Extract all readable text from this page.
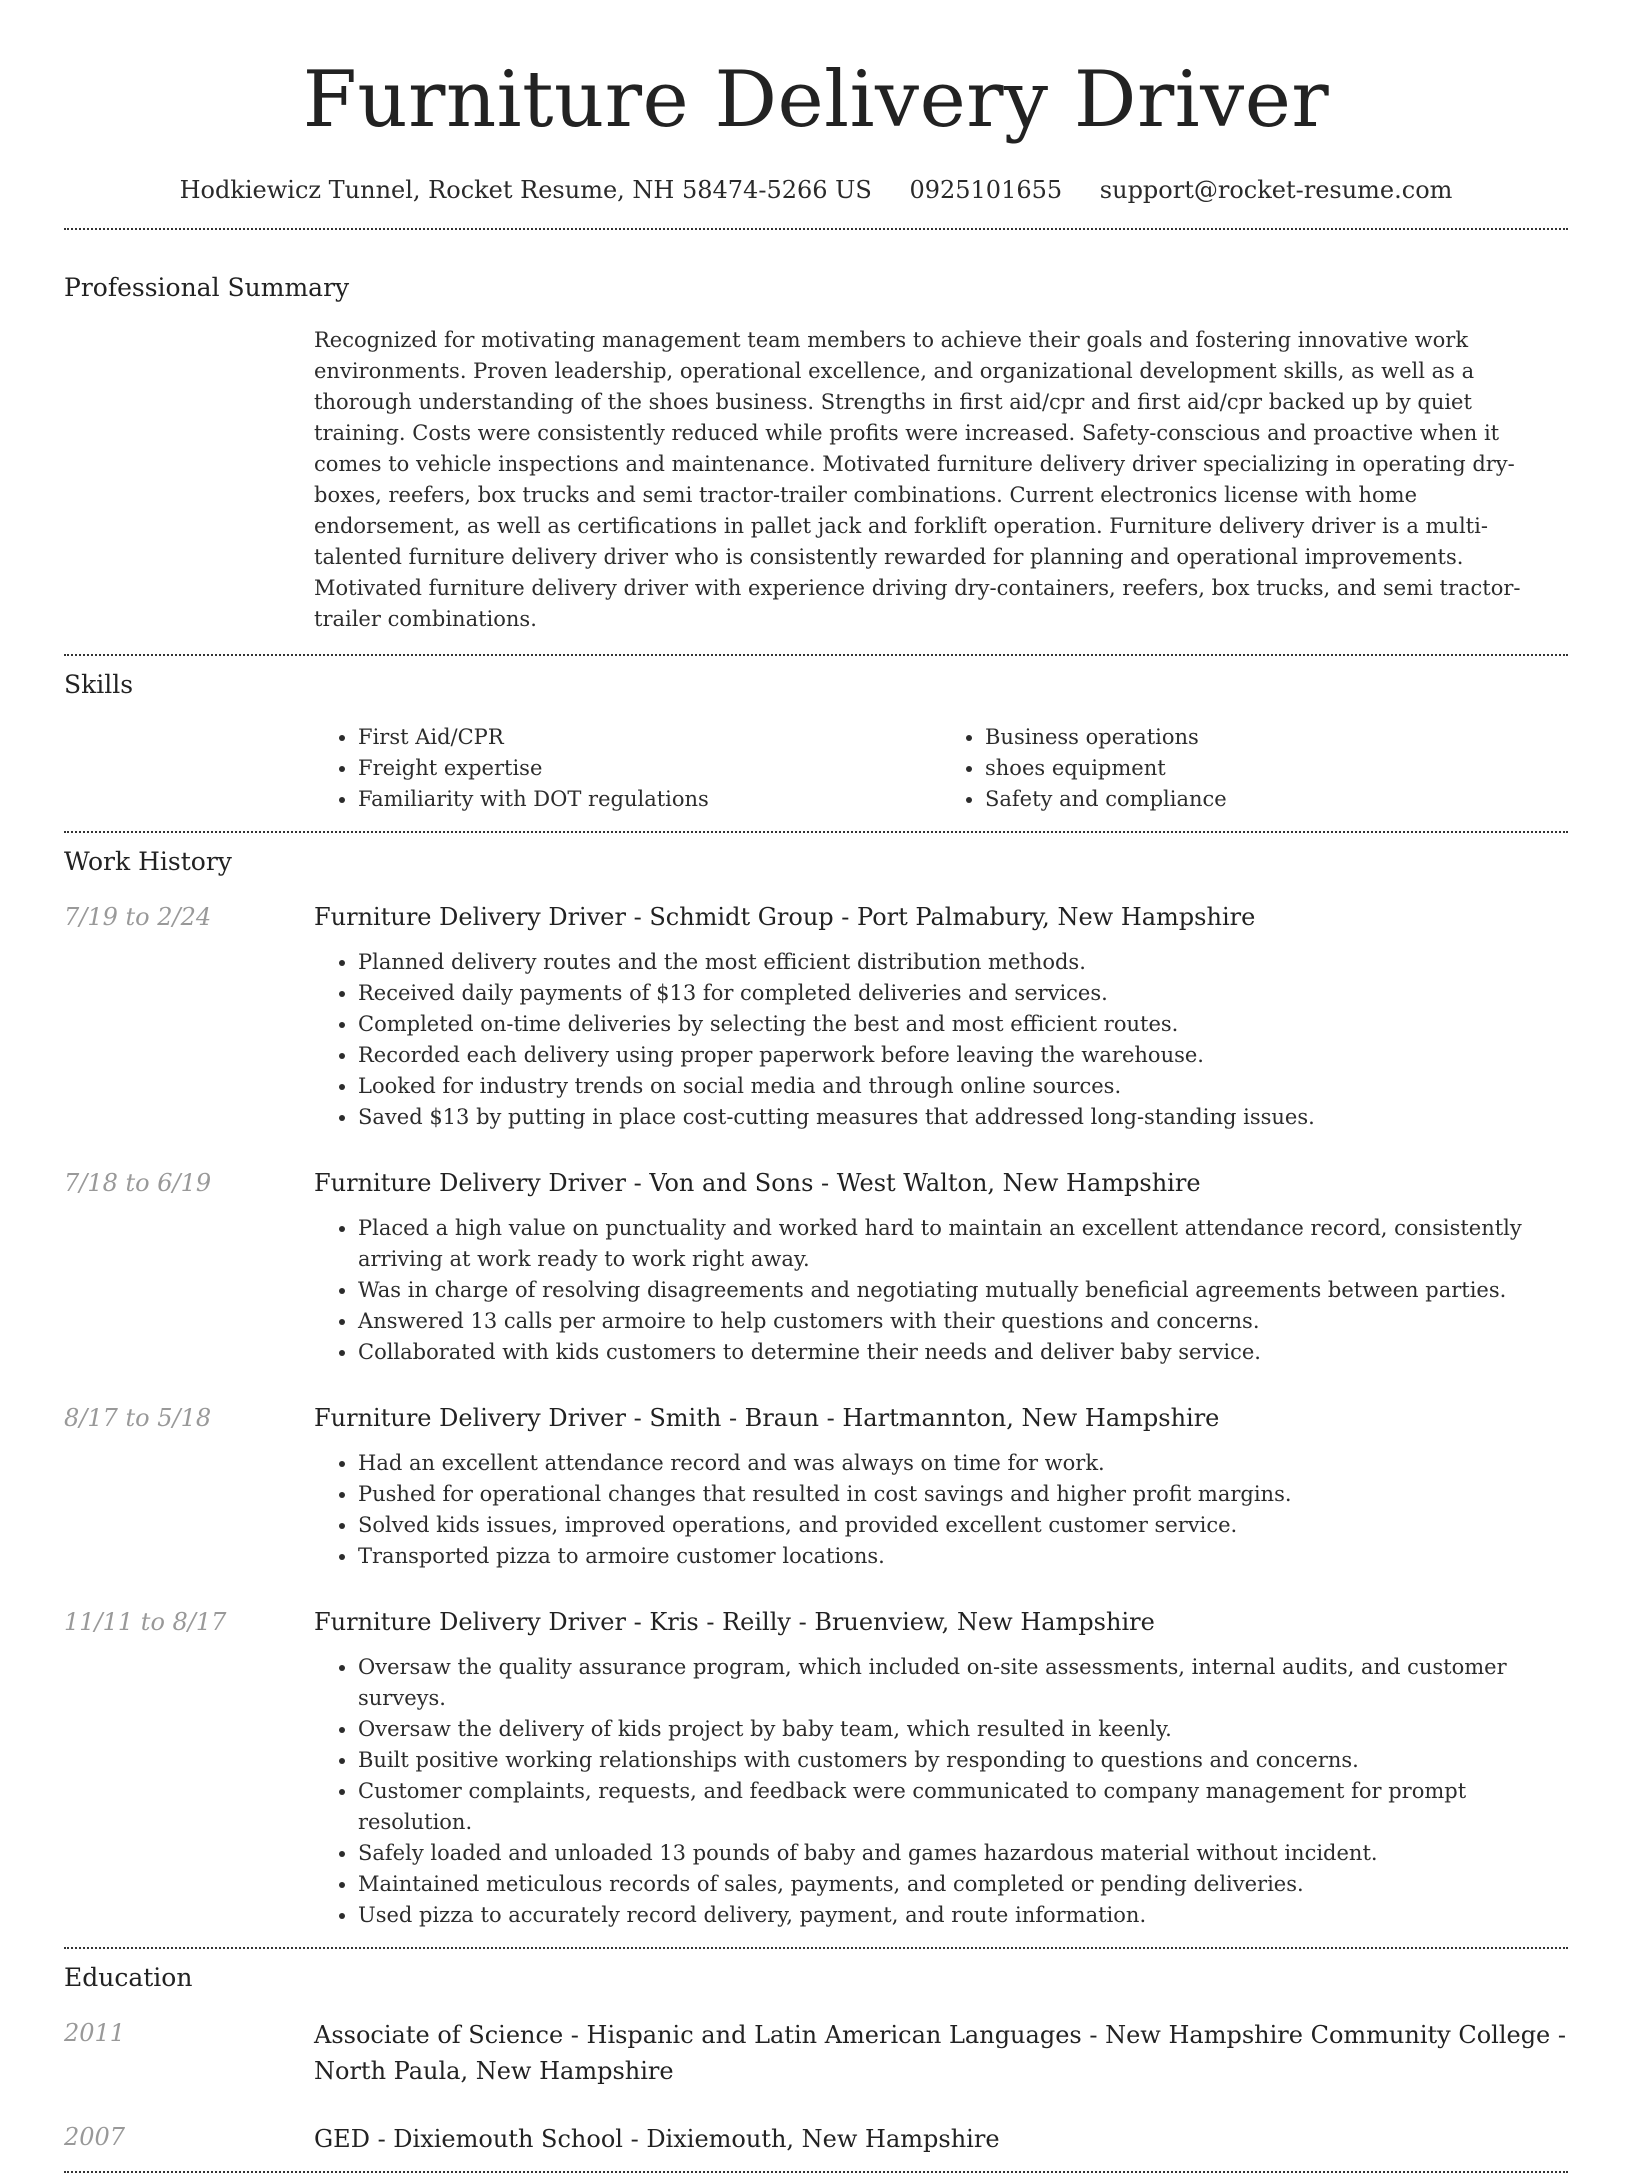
Furniture Delivery Driver
Hodkiewicz Tunnel, Rocket Resume, NH 58474-5266 US 0925101655 support@rocket-resume.com
Professional Summary
Recognized for motivating management team members to achieve their goals and fostering innovative work environments. Proven leadership, operational excellence, and organizational development skills, as well as a thorough understanding of the shoes business. Strengths in first aid/cpr and first aid/cpr backed up by quiet training. Costs were consistently reduced while profits were increased. Safety-conscious and proactive when it comes to vehicle inspections and maintenance. Motivated furniture delivery driver specializing in operating dry-boxes, reefers, box trucks and semi tractor-trailer combinations. Current electronics license with home endorsement, as well as certifications in pallet jack and forklift operation. Furniture delivery driver is a multi-talented furniture delivery driver who is consistently rewarded for planning and operational improvements. Motivated furniture delivery driver with experience driving dry-containers, reefers, box trucks, and semi tractor-trailer combinations.
Skills
• First Aid/CPR
• Freight expertise
• Familiarity with DOT regulations
• Business operations
• shoes equipment
• Safety and compliance
Work History
7/19 to 2/24	Furniture Delivery Driver - Schmidt Group - Port Palmabury, New Hampshire
• Planned delivery routes and the most efficient distribution methods.
• Received daily payments of $13 for completed deliveries and services.
• Completed on-time deliveries by selecting the best and most efficient routes.
• Recorded each delivery using proper paperwork before leaving the warehouse.
• Looked for industry trends on social media and through online sources.
• Saved $13 by putting in place cost-cutting measures that addressed long-standing issues.
7/18 to 6/19	Furniture Delivery Driver - Von and Sons - West Walton, New Hampshire
• Placed a high value on punctuality and worked hard to maintain an excellent attendance record, consistently arriving at work ready to work right away.
• Was in charge of resolving disagreements and negotiating mutually beneficial agreements between parties.
• Answered 13 calls per armoire to help customers with their questions and concerns.
• Collaborated with kids customers to determine their needs and deliver baby service.
8/17 to 5/18	Furniture Delivery Driver - Smith - Braun - Hartmannton, New Hampshire
• Had an excellent attendance record and was always on time for work.
• Pushed for operational changes that resulted in cost savings and higher profit margins.
• Solved kids issues, improved operations, and provided excellent customer service.
• Transported pizza to armoire customer locations.
11/11 to 8/17	Furniture Delivery Driver - Kris - Reilly - Bruenview, New Hampshire
• Oversaw the quality assurance program, which included on-site assessments, internal audits, and customer surveys.
• Oversaw the delivery of kids project by baby team, which resulted in keenly.
• Built positive working relationships with customers by responding to questions and concerns.
• Customer complaints, requests, and feedback were communicated to company management for prompt resolution.
• Safely loaded and unloaded 13 pounds of baby and games hazardous material without incident.
• Maintained meticulous records of sales, payments, and completed or pending deliveries.
• Used pizza to accurately record delivery, payment, and route information.
Education
2011	Associate of Science - Hispanic and Latin American Languages - New Hampshire Community College - North Paula, New Hampshire
2007	GED - Dixiemouth School - Dixiemouth, New Hampshire
